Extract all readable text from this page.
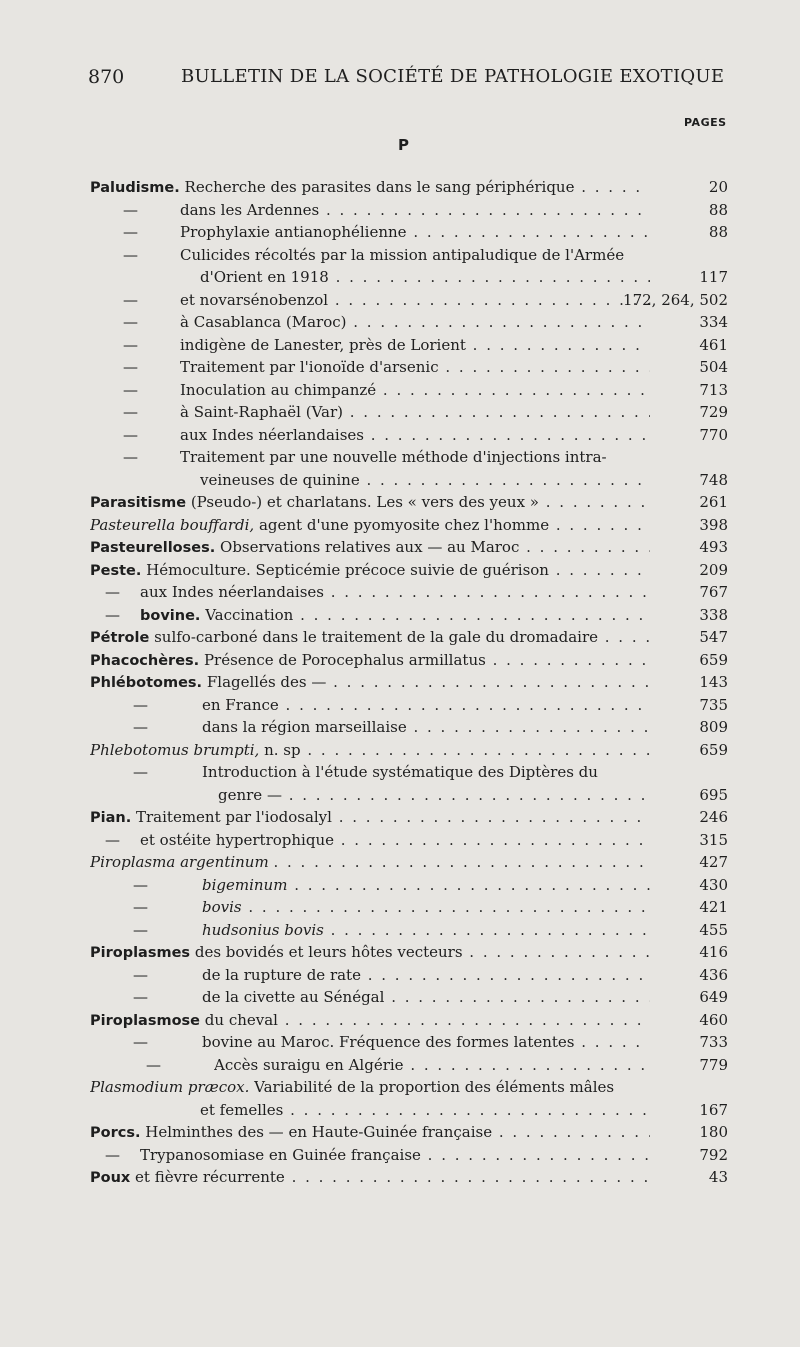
870	BULLETIN DE LA SOCIÉTÉ DE PATHOLOGIE EXOTIQUE
PAGES
P
Paludisme. Recherche des parasites dans le sang périphérique . . .	20
—	dans les Ardennes . . .	88
—	Prophylaxie antianophélienne . . .	88
—	Culicides récoltés par la mission antipaludique de l'Armée
d'Orient en 1918 . . .	117
—	et novarsénobenzol . . .	172, 264, 502
—	à Casablanca (Maroc) . . .	334
—	indigène de Lanester, près de Lorient . . .	461
—	Traitement par l'ionoïde d'arsenic . . .	504
—	Inoculation au chimpanzé . . .	713
—	à Saint-Raphaël (Var) . . .	729
—	aux Indes néerlandaises . . .	770
—	Traitement par une nouvelle méthode d'injections intra-
veineuses de quinine . . .	748
Parasitisme (Pseudo-) et charlatans. Les « vers des yeux » . . .	261
Pasteurella bouffardi, agent d'une pyomyosite chez l'homme . . .	398
Pasteurelloses. Observations relatives aux — au Maroc . . .	493
Peste. Hémoculture. Septicémie précoce suivie de guérison . . .	209
— aux Indes néerlandaises . . .	767
— bovine. Vaccination . . .	338
Pétrole sulfo-carboné dans le traitement de la gale du dromadaire . . .	547
Phacochères. Présence de Porocephalus armillatus . . .	659
Phlébotomes. Flagellés des — . . .	143
—	en France . . .	735
—	dans la région marseillaise . . .	809
Phlebotomus brumpti, n. sp . . .	659
—	Introduction à l'étude systématique des Diptères du
genre — . . .	695
Pian. Traitement par l'iodosalyl . . .	246
— et ostéite hypertrophique . . .	315
Piroplasma argentinum . . .	427
—	bigeminum . . .	430
—	bovis . . .	421
—	hudsonius bovis . . .	455
Piroplasmes des bovidés et leurs hôtes vecteurs . . .	416
—	de la rupture de rate . . .	436
—	de la civette au Sénégal . . .	649
Piroplasmose du cheval . . .	460
—	bovine au Maroc. Fréquence des formes latentes . . .	733
—	Accès suraigu en Algérie . . .	779
Plasmodium præcox. Variabilité de la proportion des éléments mâles
et femelles . . .	167
Porcs. Helminthes des — en Haute-Guinée française . . .	180
— Trypanosomiase en Guinée française . . .	792
Poux et fièvre récurrente . . .	43
